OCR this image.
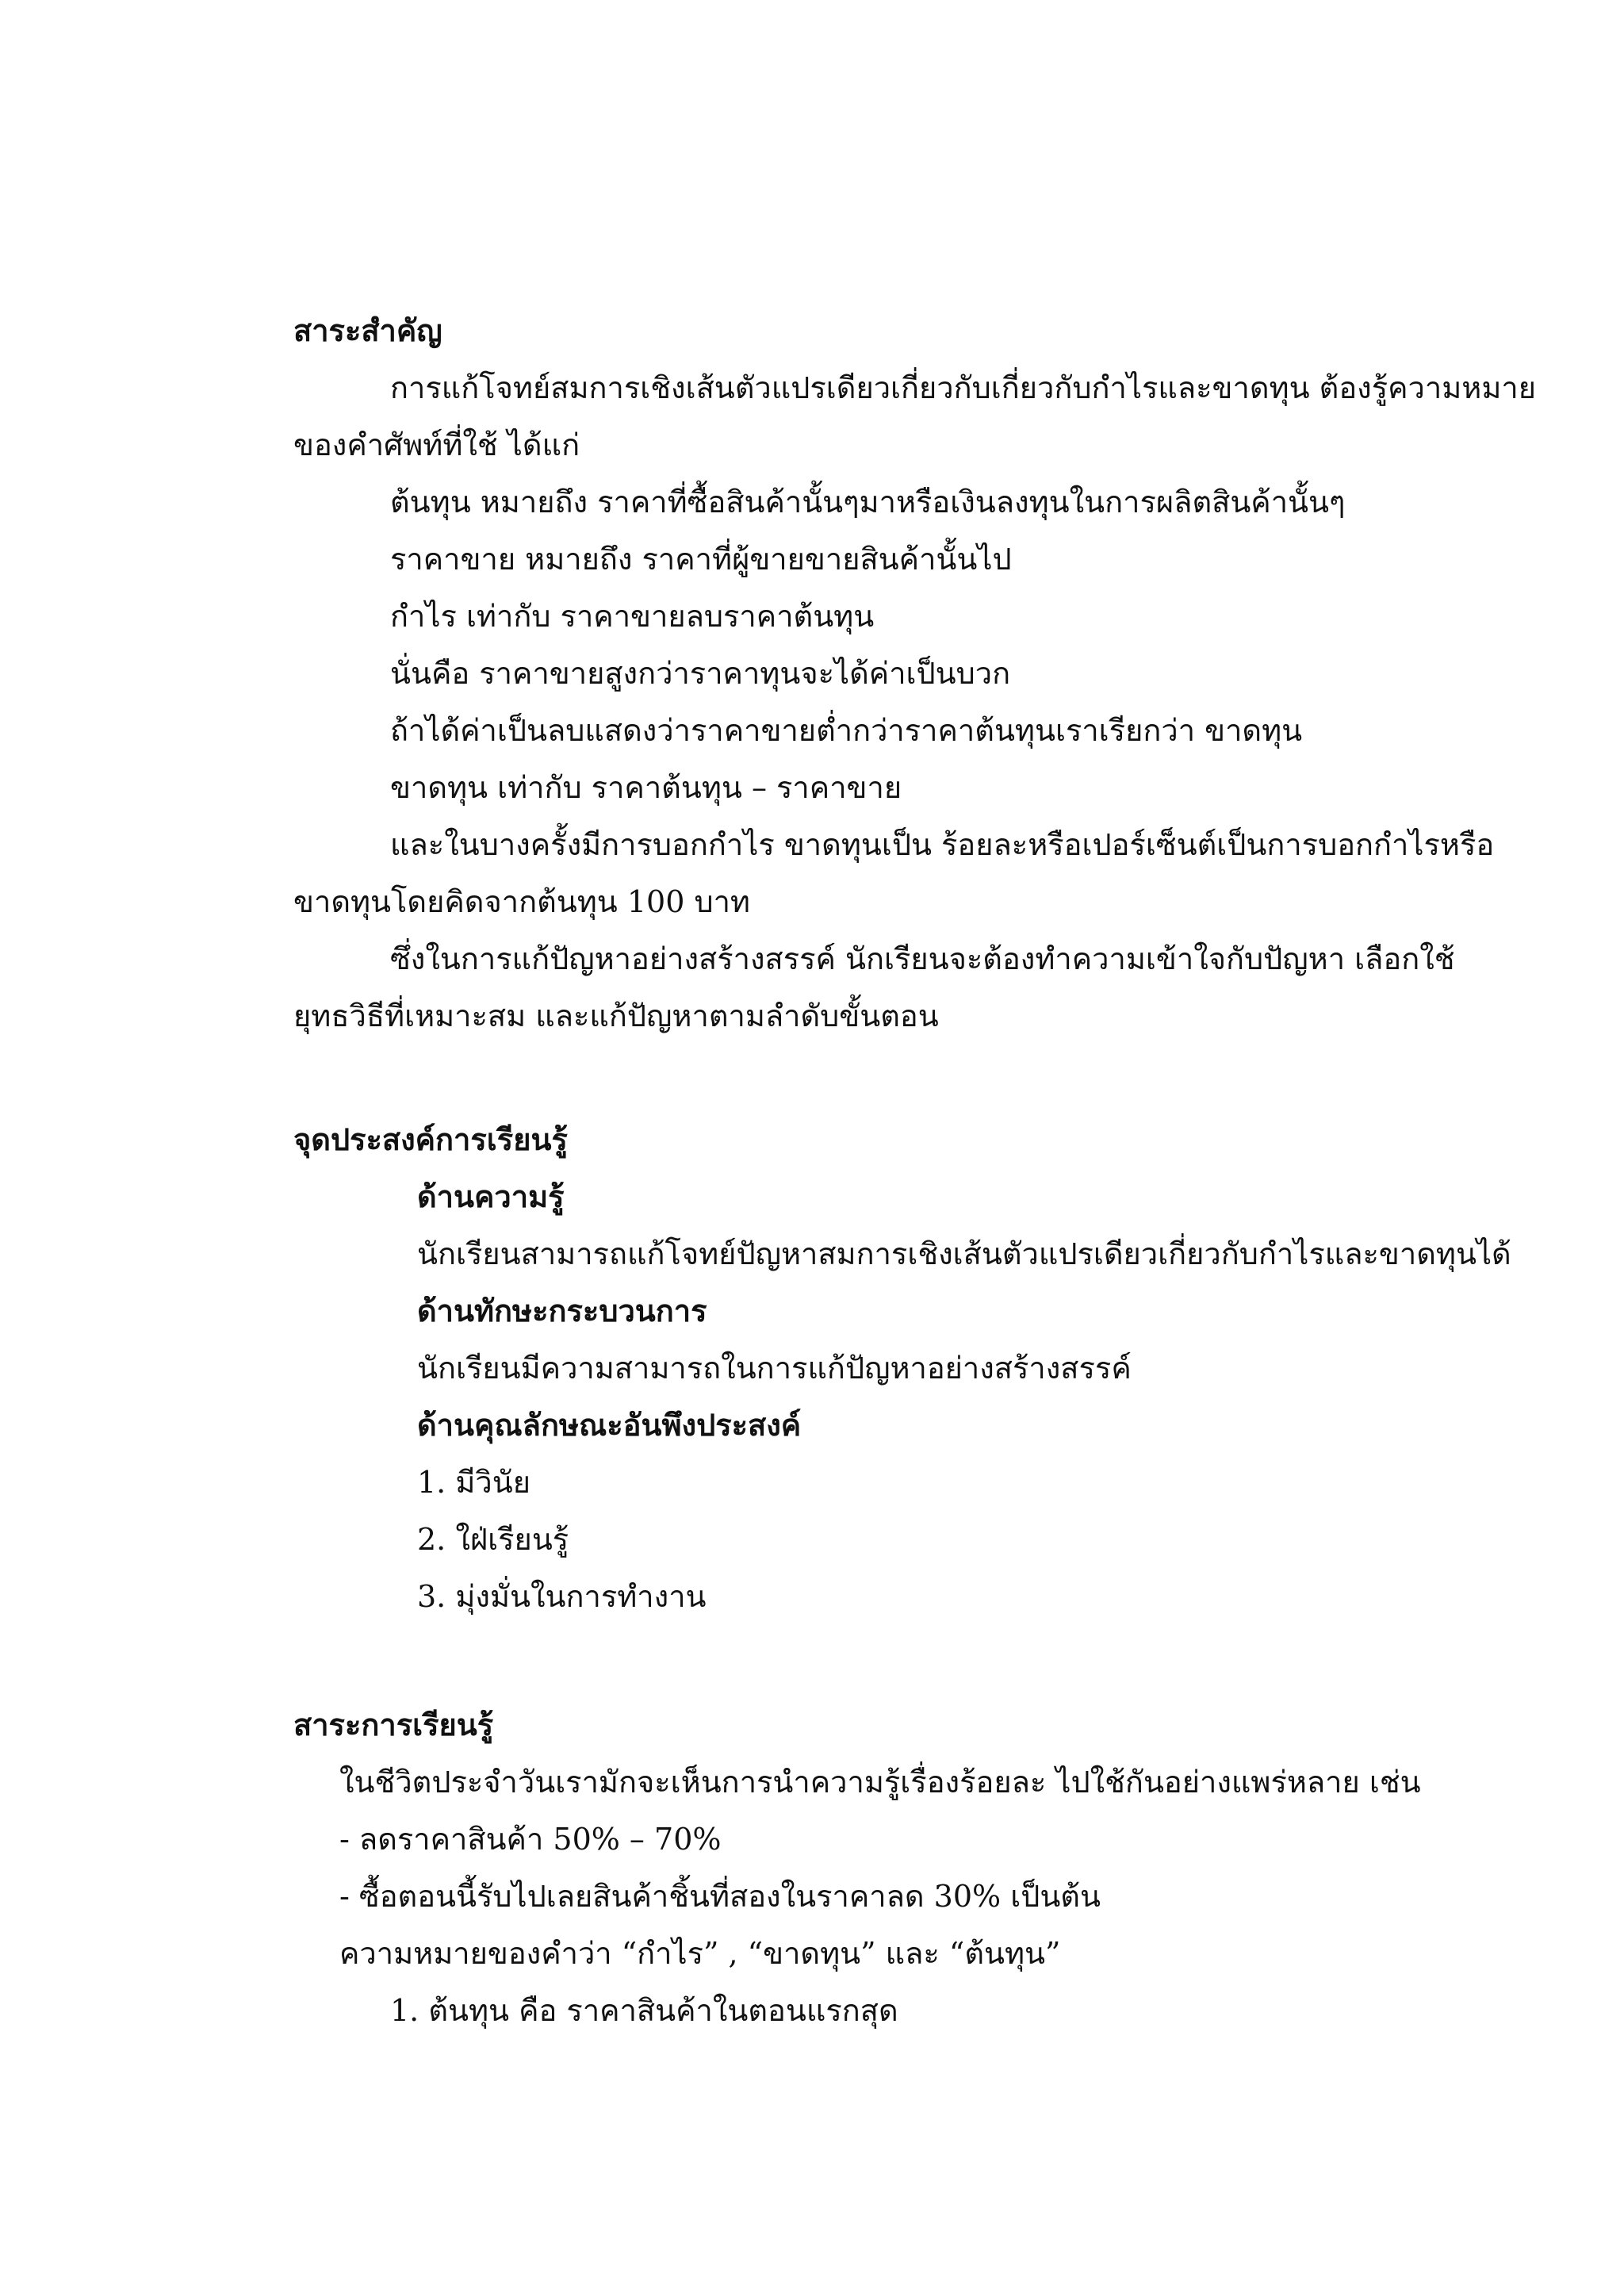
สาระสำคัญ
การแก้โจทย์สมการเชิงเส้นตัวแปรเดียวเกี่ยวกับเกี่ยวกับกำไรและขาดทุน ต้องรู้ความหมาย
ของคำศัพท์ที่ใช้ ได้แก่
ต้นทุน หมายถึง ราคาที่ซื้อสินค้านั้นๆมาหรือเงินลงทุนในการผลิตสินค้านั้นๆ
ราคาขาย หมายถึง ราคาที่ผู้ขายขายสินค้านั้นไป
กำไร เท่ากับ ราคาขายลบราคาต้นทุน
นั่นคือ ราคาขายสูงกว่าราคาทุนจะได้ค่าเป็นบวก
ถ้าได้ค่าเป็นลบแสดงว่าราคาขายต่ำกว่าราคาต้นทุนเราเรียกว่า ขาดทุน
ขาดทุน เท่ากับ ราคาต้นทุน – ราคาขาย
และในบางครั้งมีการบอกกำไร ขาดทุนเป็น ร้อยละหรือเปอร์เซ็นต์เป็นการบอกกำไรหรือ
ขาดทุนโดยคิดจากต้นทุน 100 บาท
ซึ่งในการแก้ปัญหาอย่างสร้างสรรค์ นักเรียนจะต้องทำความเข้าใจกับปัญหา เลือกใช้
ยุทธวิธีที่เหมาะสม และแก้ปัญหาตามลำดับขั้นตอน
จุดประสงค์การเรียนรู้
ด้านความรู้
นักเรียนสามารถแก้โจทย์ปัญหาสมการเชิงเส้นตัวแปรเดียวเกี่ยวกับกำไรและขาดทุนได้
ด้านทักษะกระบวนการ
นักเรียนมีความสามารถในการแก้ปัญหาอย่างสร้างสรรค์
ด้านคุณลักษณะอันพึงประสงค์
1. มีวินัย
2. ใฝ่เรียนรู้
3. มุ่งมั่นในการทำงาน
สาระการเรียนรู้
ในชีวิตประจำวันเรามักจะเห็นการนำความรู้เรื่องร้อยละ ไปใช้กันอย่างแพร่หลาย เช่น
- ลดราคาสินค้า 50% – 70%
- ซื้อตอนนี้รับไปเลยสินค้าชิ้นที่สองในราคาลด 30% เป็นต้น
ความหมายของคำว่า “กำไร” , “ขาดทุน” และ “ต้นทุน”
1. ต้นทุน คือ ราคาสินค้าในตอนแรกสุด
